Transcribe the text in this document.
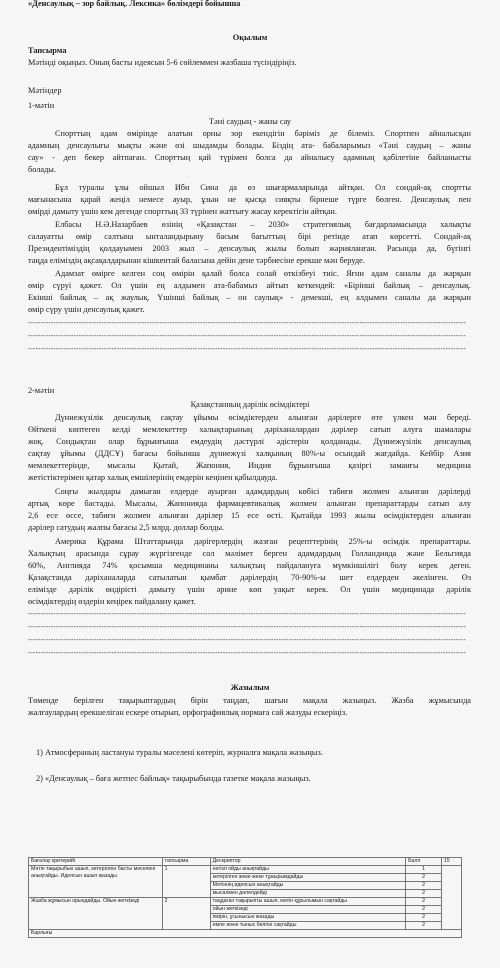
«Денсаулық – зор байлық. Лексика» бөлімдері бойынша
Оқылым
Тапсырма
Мәтінді оқыңыз. Оның басты идеясын 5-6 сөйлеммен жазбаша түсіндіріңіз.
Мәтіндер
1-мәтін
Тәні саудың - жаны сау
Спорттың адам өмірінде алатын орны зор екендігін бәріміз де білеміз. Спортпен айналысқан
адамның денсаулығы мықты және өзі шыдамды болады. Біздің ата- бабаларымыз «Тәні саудың – жаны
сау» - деп бекер айтпаған. Спорттың қай түрімен болса да айналысу адамның қабілетіне байланысты
болады.
Бұл туралы ұлы ойшыл Ибн Сина да өз шығармаларында айтқан. Ол сондай-ақ спортты
мағынасына қарай жеңіл немесе ауыр, ұзын не қысқа сияқты бірнеше түрге бөлген. Денсаулық пен
өмірді дамыту үшін кем дегенде спорттың 33 түрінен жаттығу жасау керектігін айтқан.
Елбасы Н.Ә.Назарбаев өзінің «Қазақстан – 2030» стратегиялық бағдарламасында халықты
салауатты өмір салтына ынталандырыну басым бағыттың бірі ретінде атап көрсетті. Сондай-ақ
Президентіміздің қолдауымен 2003 жыл – денсаулық жылы болып жарияланған. Расында да, бүгінгі
таңда еліміздің ақсақалдарынан кішкентай баласына дейін дене тәрбиесіне ерекше мән беруде.
Адамзат өмірге келген соң өмірін қалай болса солай өткізбеуі тиіс. Яғни адам саналы да жарқын
өмір сүруі қажет. Ол үшін ең алдымен ата-бабамыз айтып кеткендей: «Бірінші байлық – денсаулық.
Екінші байлық – ақ жаулық. Үшінші байлық – он саулық» - демекші, ең алдымен саналы да жарқын
өмір сүру үшін денсаулық қажет.
-----------------------------------------------------------------------------------------------------------------------------------------------------------------------------
-----------------------------------------------------------------------------------------------------------------------------------------------------------------------------
-----------------------------------------------------------------------------------------------------------------------------------------------------------------------------
2-мәтін
Қазақстанның дәрілік өсімдіктері
Дүниежүзілік денсаулық сақтау ұйымы өсімдіктерден алынған дәрілерге өте үлкен мән береді.
Өйткені көптеген келді мемлекеттер халықтарының дәріханалардан дәрілер сатып алуға шамалары
жоқ. Сондықтан олар бұрынғыша емдеудің дәстүрлі әдістерін қолданады. Дүниежүзілік денсаулық
сақтау ұйымы (ДДСҰ) бағасы бойынша дүниежүзі халқының 80%-ы осындай жағдайда. Кейбір Азия
мемлекеттерінде, мысалы Қытай, Жапония, Индия бұрынғыша қазіргі заманғы медицина
жетістіктерімен қатар халық емшілерінің емдерін кеңінен қабылдауда.
Соңғы жылдары дамыған елдерде ауырған адамдардың көбісі табиғи жолмен алынған дәрілерді
артық көре бастады. Мысалы, Жапонияда фармацевтикалық жолмен алынған препараттарды сатып алу
2,6 есе өссе, табиғи жолмен алынған дәрілер 15 есе өсті. Қытайда 1993 жылы өсімдіктерден алынған
дәрілер сатудың жалпы бағасы 2,5 млрд. доллар болды.
Америка Құрама Штаттарында дәрігерлердің жазған рецепттерінің 25%-ы өсімдік препараттары.
Халықтың арасында сұрау жүргізгенде сол мәлімет берген адамдардың Голландияда және Бельгияда
60%, Англияда 74% қосымша медицинаны халықтың пайдалануға мүмкіншілігі болу керек деген.
Қазақстанда дәріханаларда сатылатын қымбат дәрілердің 70-90%-ы шет елдерден әкелінген. Өз
елімізде дәрілік өндірісті дамыту үшін әрине көп уақыт керек. Ол үшін медицинада дәрілік
өсімдіктердің өздерін кеңірек пайдалану қажет.
-----------------------------------------------------------------------------------------------------------------------------------------------------------------------------
-----------------------------------------------------------------------------------------------------------------------------------------------------------------------------
-----------------------------------------------------------------------------------------------------------------------------------------------------------------------------
-----------------------------------------------------------------------------------------------------------------------------------------------------------------------------
Жазылым
Төменде берілген тақырыптардың бірін таңдап, шағын мақала жазыңыз. Жазба жұмысында
жалғаулардың ерекшеліган ескере отырып, орфографиялық нормаға сай жазуды ескеріңіз.
1) Атмосфераның ластануы туралы мәселені көтеріп, журналға мақала жазыңыз.
2) «Денсаулық – баға жетпес байлық» тақырыбында газетке мақала жазыңыз.
Бағалау критерийі	тапсырма	Дескриптор	Балл	15
Мәтін тақырыбын ашып, көтерілген басты мәселені анықтайды. Идеясын ашып жазады	1	негізгі ойды анықтайды	1	
		көтерілген жеке-жеке тұжырымдайды	2	
		Мәтіннің идеясын анықтайды	2	
		мысалмен дәлелдейді	2	
Жазба жұмысын орындайды. Ойын жеткізеді	2	таңдаған тақырыпты ашып, мәтін құрылымын сақтайды	2	
		ойын жеткізеді	2	
		пікірін, ұсынысын жазады	2	
		емле және тыныс белгіні сақтайды	2	
Барлығы				
